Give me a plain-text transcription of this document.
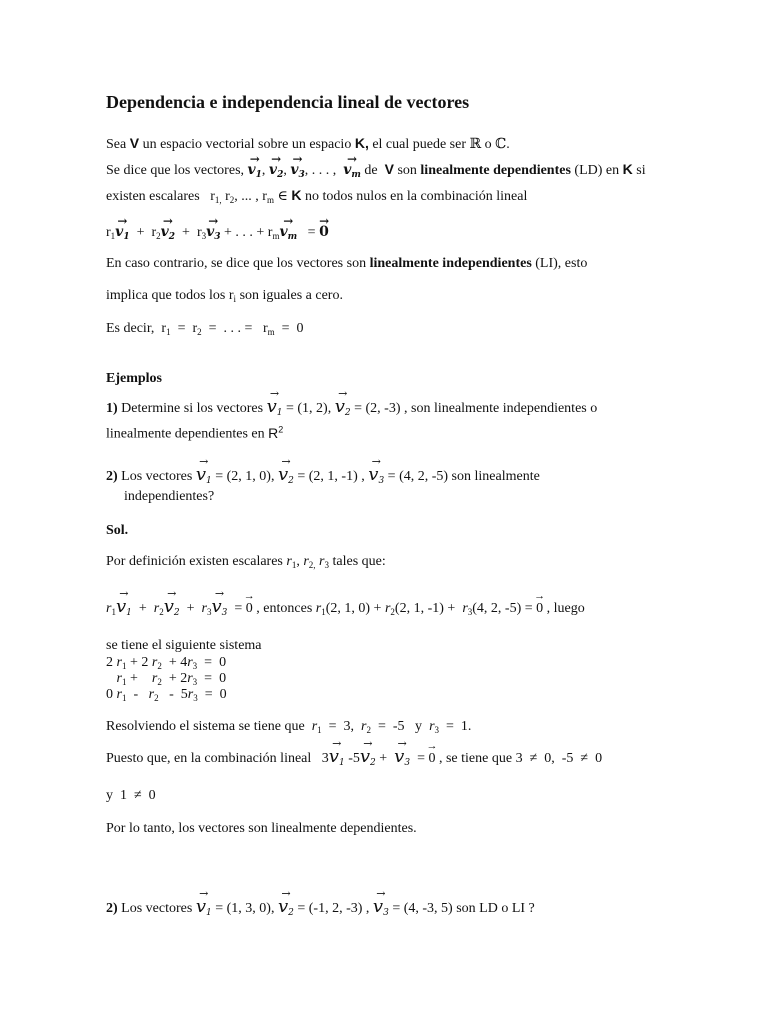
Dependencia e independencia lineal de vectores
Sea V un espacio vectorial sobre un espacio K, el cual puede ser ℝ o ℂ.
Se dice que los vectores, → $v_1$, → $v_2$, → $v_3$, . . . ,  → $v_m$ de V son linealmente dependientes (LD) en K si
existen escalares $r_{1,}$ $r_2$, ... , $r_m$ ∈ K no todos nulos en la combinación lineal
$r_1\to v_1 + r_2\to v_2 + r_3\to v_3$ + . . . + $r_m\to v_m$   = → 0
En caso contrario, se dice que los vectores son linealmente independientes (LI), esto
implica que todos los $r_i$ son iguales a cero.
Es decir,  $r_1 = r_2$  =  . . . =   $r_m = 0$
Ejemplos
1) Determine si los vectores → $v_1 = (1$, 2), → $v_2 = (2$, -3) , son linealmente independientes o
linealmente dependientes en $R^2$
2) Los vectores → $v_1 = (2$, 1, 0), → $v_2 = (2$, 1, -1) , → $v_3 = (4$, 2, -5) son linealmente
independientes?
Sol.
Por definición existen escalares $r_1$, $r_{2,}$ $r_3$ tales que:
$r_1\to v_1 + r_2\to v_2 + r_3\to v_3$  = → 0 , entonces $r_1(2$, 1, $0) + r_2(2$, 1, $-1) + r_3(4$, 2, -5) = → 0 , luego
se tiene el siguiente sistema
2 $r_1 + 2$ $r_2 + 4r_3 = 0$
$r_1$ +    $r_2 + 2r_3 = 0$
0 $r_1 - r_2 - 5r_3 = 0$
Resolviendo el sistema se tiene que  $r_1 = 3$,  $r_2 = -5$   y  $r_3 = 1$.
Puesto que, en la combinación lineal $3\to v_1$ $-5\to v_2$ +  → $v_3$  = → 0 , se tiene que 3  ≠  0,  -5  ≠  0
y  1  ≠  0
Por lo tanto, los vectores son linealmente dependientes.
2) Los vectores → $v_1 = (1$, 3, 0), → $v_2 = (-1$, 2, -3) , → $v_3 = (4$, -3, 5) son LD o LI ?
